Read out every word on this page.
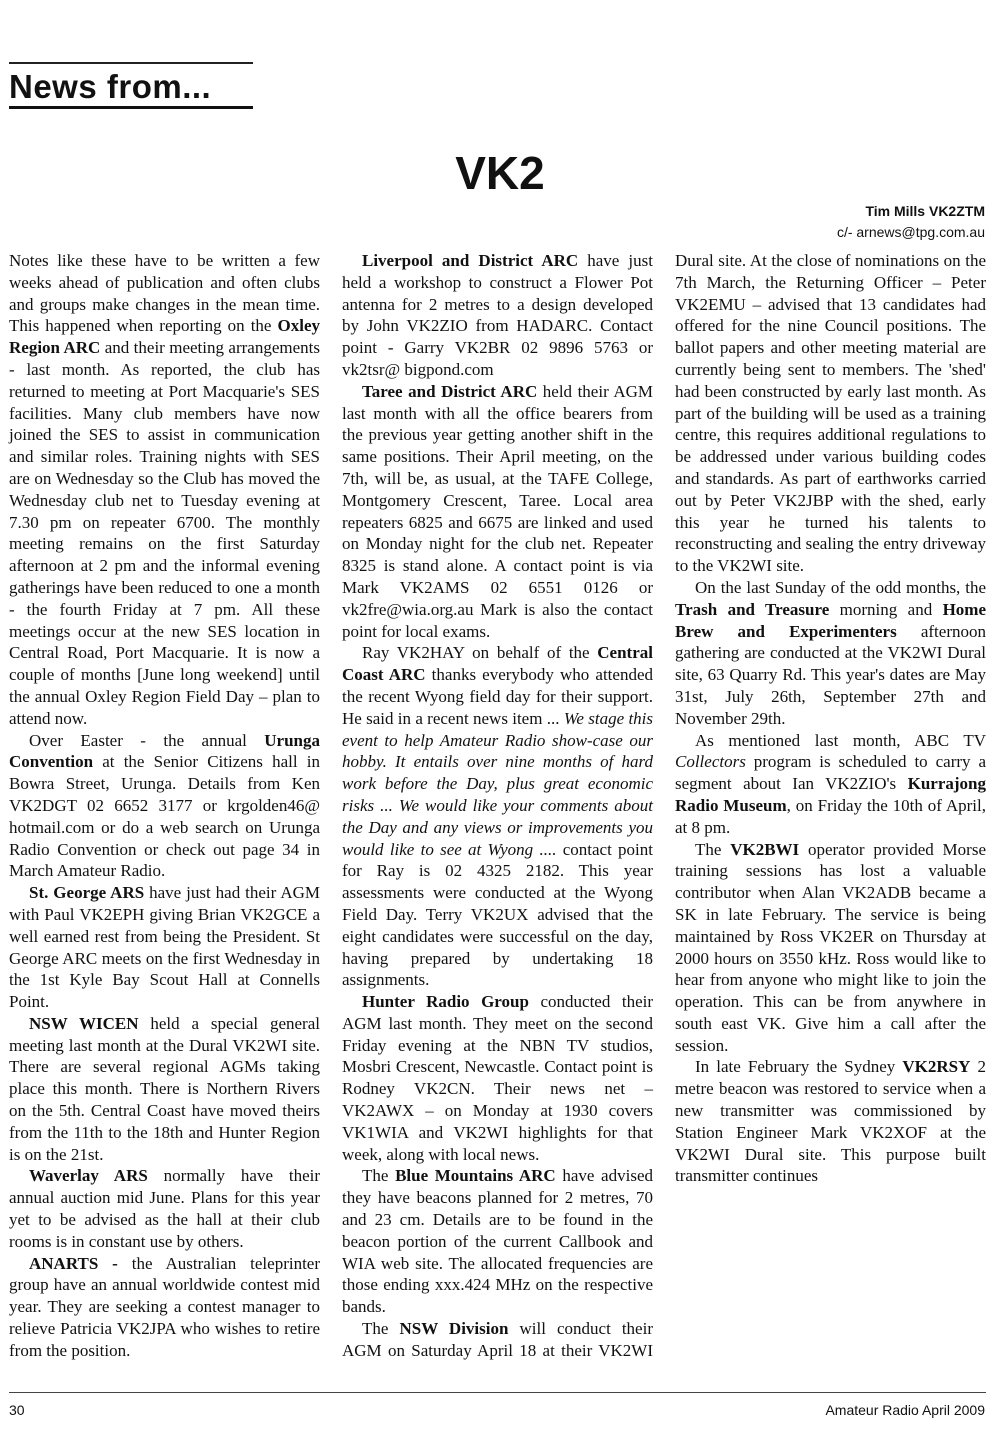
News from...
VK2
Tim Mills VK2ZTM
c/- arnews@tpg.com.au

Notes like these have to be written a few weeks ahead of publication and often clubs and groups make changes in the mean time. This happened when reporting on the Oxley Region ARC and their meeting arrangements - last month. As reported, the club has returned to meeting at Port Macquarie's SES facilities. Many club members have now joined the SES to assist in communication and similar roles. Training nights with SES are on Wednesday so the Club has moved the Wednesday club net to Tuesday evening at 7.30 pm on repeater 6700. The monthly meeting remains on the first Saturday afternoon at 2 pm and the informal evening gatherings have been reduced to one a month - the fourth Friday at 7 pm. All these meetings occur at the new SES location in Central Road, Port Macquarie. It is now a couple of months [June long weekend] until the annual Oxley Region Field Day – plan to attend now.

Over Easter - the annual Urunga Convention at the Senior Citizens hall in Bowra Street, Urunga. Details from Ken VK2DGT 02 6652 3177 or krgolden46@ hotmail.com or do a web search on Urunga Radio Convention or check out page 34 in March Amateur Radio.

St. George ARS have just had their AGM with Paul VK2EPH giving Brian VK2GCE a well earned rest from being the President. St George ARC meets on the first Wednesday in the 1st Kyle Bay Scout Hall at Connells Point.

NSW WICEN held a special general meeting last month at the Dural VK2WI site. There are several regional AGMs taking place this month. There is Northern Rivers on the 5th. Central Coast have moved theirs from the 11th to the 18th and Hunter Region is on the 21st.

Waverlay ARS normally have their annual auction mid June. Plans for this year yet to be advised as the hall at their club rooms is in constant use by others.

ANARTS - the Australian teleprinter group have an annual worldwide contest mid year. They are seeking a contest manager to relieve Patricia VK2JPA who wishes to retire from the position.

Liverpool and District ARC have just held a workshop to construct a Flower Pot antenna for 2 metres to a design developed by John VK2ZIO from HADARC. Contact point - Garry VK2BR 02 9896 5763 or vk2tsr@ bigpond.com

Taree and District ARC held their AGM last month with all the office bearers from the previous year getting another shift in the same positions. Their April meeting, on the 7th, will be, as usual, at the TAFE College, Montgomery Crescent, Taree. Local area repeaters 6825 and 6675 are linked and used on Monday night for the club net. Repeater 8325 is stand alone. A contact point is via Mark VK2AMS 02 6551 0126 or vk2fre@wia.org.au Mark is also the contact point for local exams.

Ray VK2HAY on behalf of the Central Coast ARC thanks everybody who attended the recent Wyong field day for their support. He said in a recent news item ... We stage this event to help Amateur Radio show-case our hobby. It entails over nine months of hard work before the Day, plus great economic risks ... We would like your comments about the Day and any views or improvements you would like to see at Wyong .... contact point for Ray is 02 4325 2182. This year assessments were conducted at the Wyong Field Day. Terry VK2UX advised that the eight candidates were successful on the day, having prepared by undertaking 18 assignments.

Hunter Radio Group conducted their AGM last month. They meet on the second Friday evening at the NBN TV studios, Mosbri Crescent, Newcastle. Contact point is Rodney VK2CN. Their news net – VK2AWX – on Monday at 1930 covers VK1WIA and VK2WI highlights for that week, along with local news.

The Blue Mountains ARC have advised they have beacons planned for 2 metres, 70 and 23 cm. Details are to be found in the beacon portion of the current Callbook and WIA web site. The allocated frequencies are those ending xxx.424 MHz on the respective bands.

The NSW Division will conduct their AGM on Saturday April 18 at their VK2WI Dural site. At the close of nominations on the 7th March, the Returning Officer – Peter VK2EMU – advised that 13 candidates had offered for the nine Council positions. The ballot papers and other meeting material are currently being sent to members. The 'shed' had been constructed by early last month. As part of the building will be used as a training centre, this requires additional regulations to be addressed under various building codes and standards. As part of earthworks carried out by Peter VK2JBP with the shed, early this year he turned his talents to reconstructing and sealing the entry driveway to the VK2WI site.

On the last Sunday of the odd months, the Trash and Treasure morning and Home Brew and Experimenters afternoon gathering are conducted at the VK2WI Dural site, 63 Quarry Rd. This year's dates are May 31st, July 26th, September 27th and November 29th.

As mentioned last month, ABC TV Collectors program is scheduled to carry a segment about Ian VK2ZIO's Kurrajong Radio Museum, on Friday the 10th of April, at 8 pm.

The VK2BWI operator provided Morse training sessions has lost a valuable contributor when Alan VK2ADB became a SK in late February. The service is being maintained by Ross VK2ER on Thursday at 2000 hours on 3550 kHz. Ross would like to hear from anyone who might like to join the operation. This can be from anywhere in south east VK. Give him a call after the session.

In late February the Sydney VK2RSY 2 metre beacon was restored to service when a new transmitter was commissioned by Station Engineer Mark VK2XOF at the VK2WI Dural site. This purpose built transmitter continues

30	Amateur Radio April 2009
